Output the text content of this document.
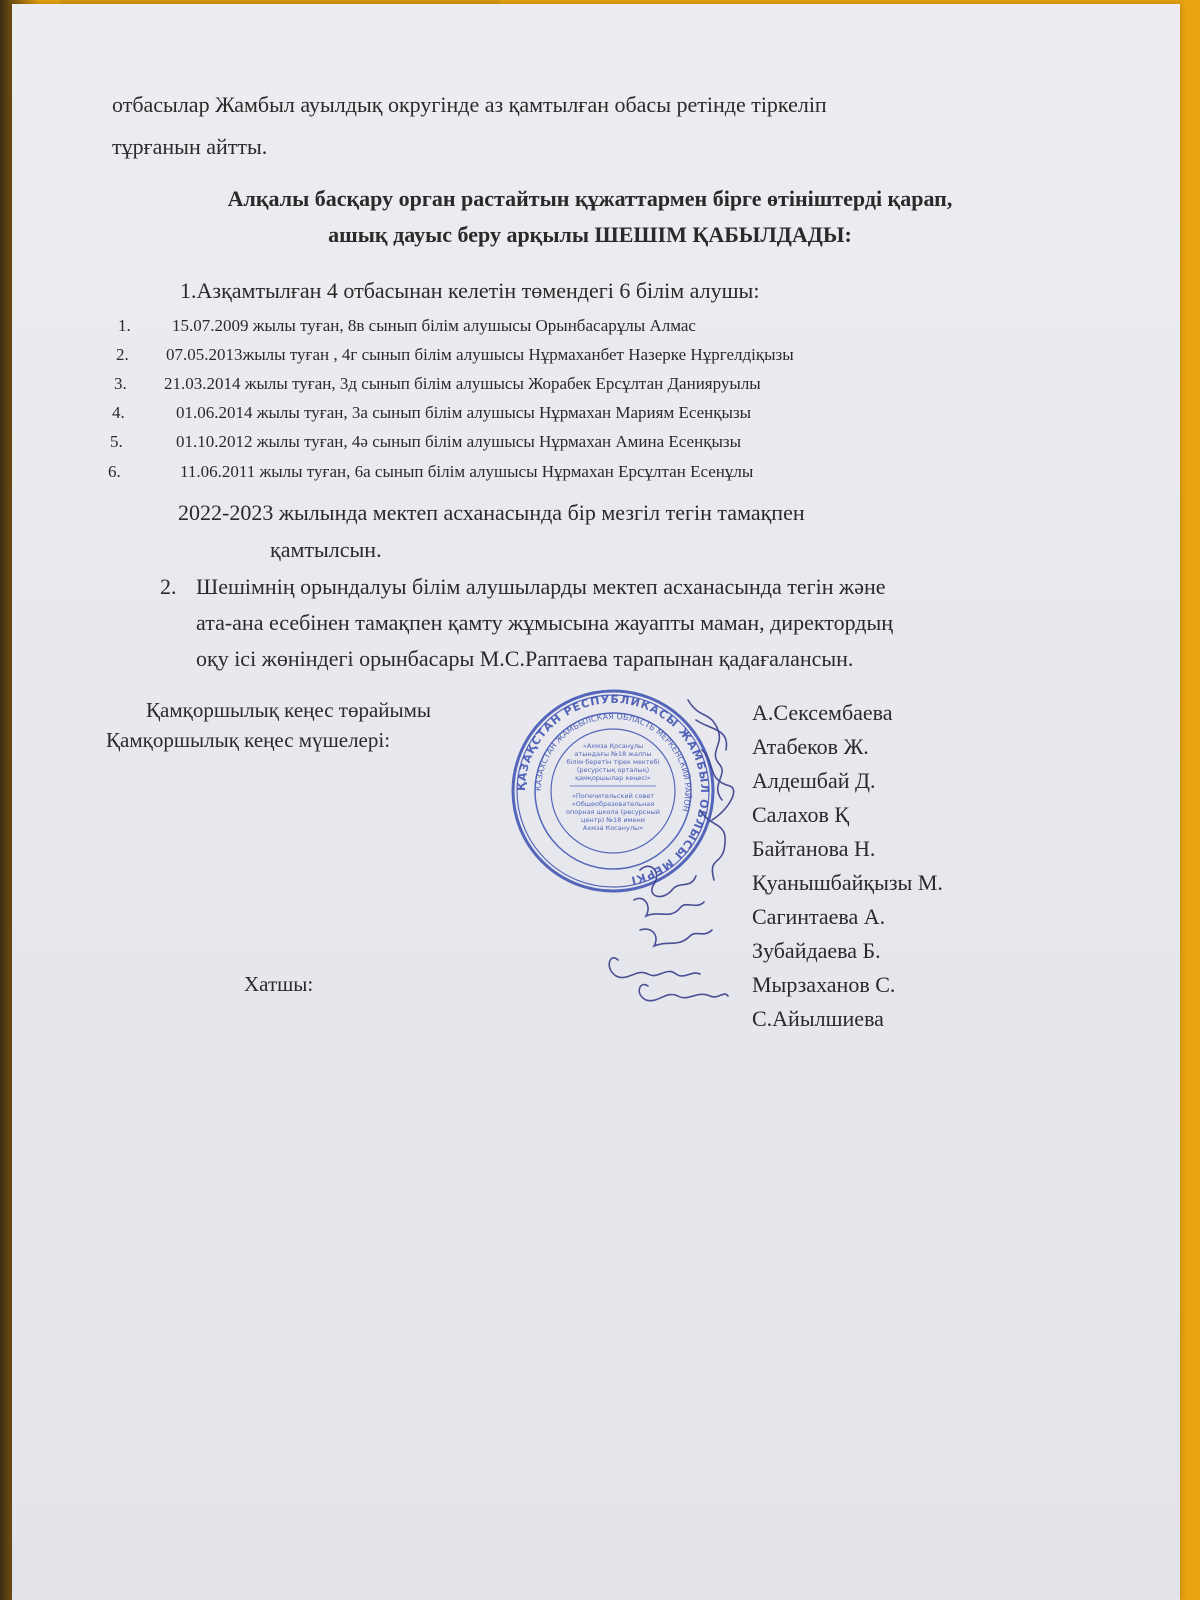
отбасылар Жамбыл ауылдық округінде аз қамтылған обасы ретінде тіркеліп
тұрғанын айтты.
Алқалы басқару орган растайтын құжаттармен бірге өтініштерді қарап,
ашық дауыс беру арқылы ШЕШІМ ҚАБЫЛДАДЫ:
1.Азқамтылған 4 отбасынан келетін төмендегі 6 білім алушы:
1. 15.07.2009 жылы туған, 8в сынып білім алушысы Орынбасарұлы Алмас
2. 07.05.2013жылы туған , 4г сынып білім алушысы Нұрмаханбет Назерке Нұргелдіқызы
3. 21.03.2014 жылы туған, 3д сынып білім алушысы Жорабек Ерсұлтан Данияруылы
4.	01.06.2014 жылы туған, 3а сынып білім алушысы Нұрмахан Мариям Есенқызы
5.	01.10.2012 жылы туған, 4ә сынып білім алушысы Нұрмахан Амина Есенқызы
6.	11.06.2011 жылы туған, 6а сынып білім алушысы Нұрмахан Ерсұлтан Есенұлы
2022-2023 жылында мектеп асханасында бір мезгіл тегін тамақпен
қамтылсын.
2. Шешімнің орындалуы білім алушыларды мектеп асханасында тегін және
ата-ана есебінен тамақпен қамту жұмысына жауапты маман, директордың
оқу ісі жөніндегі орынбасары М.С.Раптаева тарапынан қадағалансын.
Қамқоршылық кеңес төрайымы
Қамқоршылық кеңес мүшелері:
Хатшы:
ҚАЗАҚСТАН РЕСПУБЛИКАСЫ ЖАМБЫЛ ОБЛЫСЫ МЕРКІ
КАЗАХСТАН ЖАМБЫЛСКАЯ ОБЛАСТЬ МЕРКЕНСКИЙ РАЙОН
«Ахмза Қосанұлы
атындағы №18 жалпы
білім беретін тірек мектебі
(ресурстық орталық)
қамқоршылар кеңесі»
«Попечительский совет
«Общеобразовательная
опорная школа (ресурсный
центр) №18 имени
Ахмза Косанулы»
А.Сексембаева
Атабеков Ж.
Алдешбай Д.
Салахов Қ
Байтанова Н.
Қуанышбайқызы М.
Сагинтаева А.
Зубайдаева Б.
Мырзаханов С.
С.Айылшиева
